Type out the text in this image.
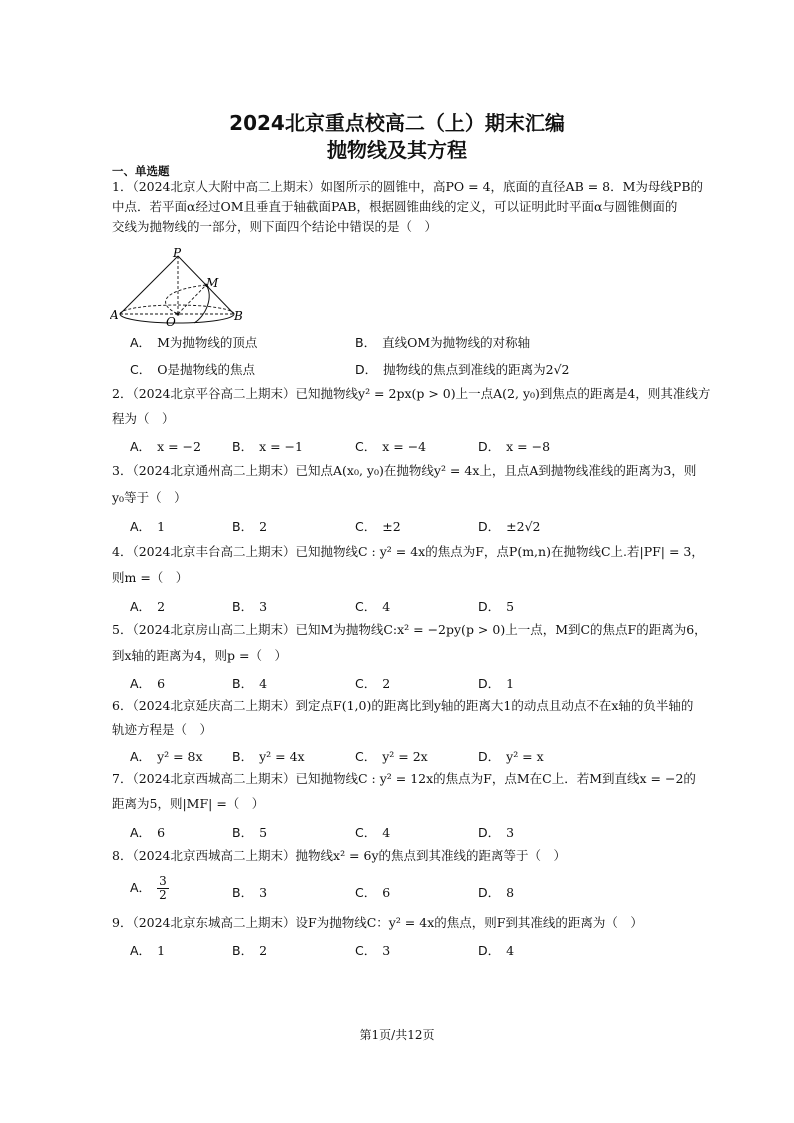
2024北京重点校高二（上）期末汇编
抛物线及其方程
一、单选题
1．（2024北京人大附中高二上期末）如图所示的圆锥中，高PO = 4，底面的直径AB = 8．M为母线PB的
中点．若平面α经过OM且垂直于轴截面PAB，根据圆锥曲线的定义，可以证明此时平面α与圆锥侧面的
交线为抛物线的一部分，则下面四个结论中错误的是（　）
P
M
A	O	B
A． M为抛物线的顶点	B． 直线OM为抛物线的对称轴
C． O是抛物线的焦点	D． 抛物线的焦点到准线的距离为2√2
2．（2024北京平谷高二上期末）已知抛物线y² = 2px(p > 0)上一点A(2, y₀)到焦点的距离是4，则其准线方
程为（　）
A． x = −2 B． x = −1	C． x = −4	D． x = −8
3．（2024北京通州高二上期末）已知点A(x₀, y₀)在抛物线y² = 4x上，且点A到抛物线准线的距离为3，则
y₀等于（　）
A． 1	B． 2	C． ±2	D． ±2√2
4．（2024北京丰台高二上期末）已知抛物线C : y² = 4x的焦点为F，点P(m,n)在抛物线C上.若|PF| = 3，
则m =（　）
A． 2	B． 3	C． 4	D． 5
5．（2024北京房山高二上期末）已知M为抛物线C:x² = −2py(p > 0)上一点，M到C的焦点F的距离为6，
到x轴的距离为4，则p =（　）
A． 6	B． 4	C． 2	D． 1
6．（2024北京延庆高二上期末）到定点F(1,0)的距离比到y轴的距离大1的动点且动点不在x轴的负半轴的
轨迹方程是（　）
A． y² = 8x B． y² = 4x	C． y² = 2x	D． y² = x
7．（2024北京西城高二上期末）已知抛物线C : y² = 12x的焦点为F，点M在C上．若M到直线x = −2的
距离为5，则|MF| =（　）
A． 6	B． 5	C． 4	D． 3
8．（2024北京西城高二上期末）抛物线x² = 6y的焦点到其准线的距离等于（　）
A． $\frac{3}{2}$	B． 3	C． 6	D． 8
9．（2024北京东城高二上期末）设F为抛物线C：y² = 4x的焦点，则F到其准线的距离为（　）
A． 1	B． 2	C． 3	D． 4
第1页/共12页
